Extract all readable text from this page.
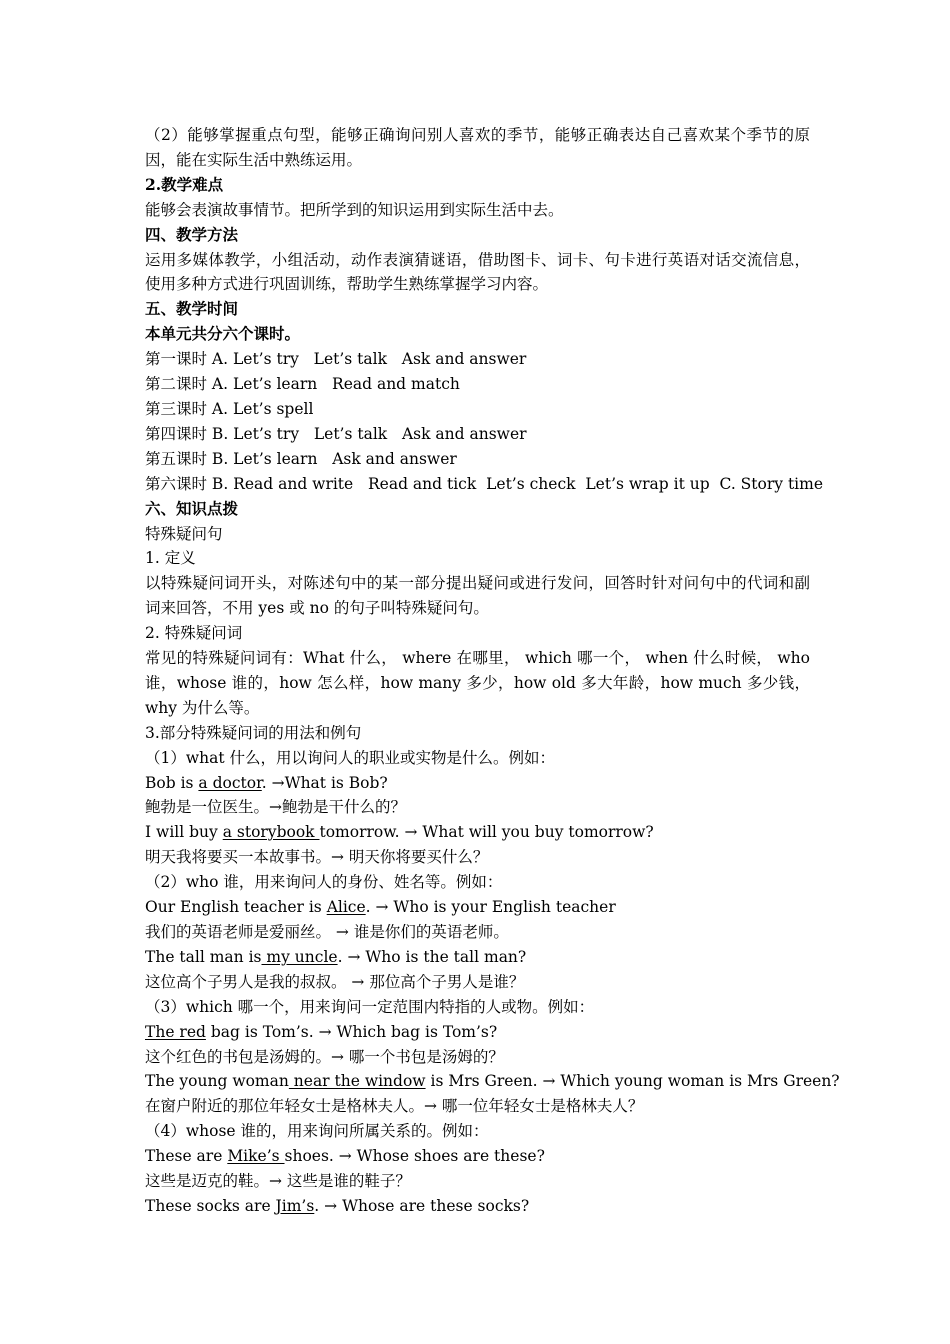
（2）能够掌握重点句型，能够正确询问别人喜欢的季节，能够正确表达自己喜欢某个季节的原因，能在实际生活中熟练运用。
2.教学难点
能够会表演故事情节。把所学到的知识运用到实际生活中去。
四、教学方法
运用多媒体教学，小组活动，动作表演猜谜语，借助图卡、词卡、句卡进行英语对话交流信息，使用多种方式进行巩固训练，帮助学生熟练掌握学习内容。
五、教学时间
本单元共分六个课时。
第一课时 A. Let’s try   Let’s talk   Ask and answer
第二课时 A. Let’s learn   Read and match
第三课时 A. Let’s spell
第四课时 B. Let’s try   Let’s talk   Ask and answer
第五课时 B. Let’s learn   Ask and answer
第六课时 B. Read and write   Read and tick  Let’s check  Let’s wrap it up  C. Story time
六、知识点拨
特殊疑问句
1. 定义
以特殊疑问词开头，对陈述句中的某一部分提出疑问或进行发问，回答时针对问句中的代词和副词来回答，不用 yes 或 no 的句子叫特殊疑问句。
2. 特殊疑问词
常见的特殊疑问词有：What 什么， where 在哪里， which 哪一个， when 什么时候， who 谁，whose 谁的，how 怎么样，how many 多少，how old 多大年龄，how much 多少钱，why 为什么等。
3.部分特殊疑问词的用法和例句
（1）what 什么，用以询问人的职业或实物是什么。例如：
Bob is a doctor. →What is Bob?
鲍勃是一位医生。→鲍勃是干什么的？
I will buy a storybook tomorrow. → What will you buy tomorrow?
明天我将要买一本故事书。→ 明天你将要买什么？
（2）who 谁，用来询问人的身份、姓名等。例如：
Our English teacher is Alice. → Who is your English teacher
我们的英语老师是爱丽丝。 → 谁是你们的英语老师。
The tall man is my uncle. → Who is the tall man?
这位高个子男人是我的叔叔。 → 那位高个子男人是谁？
（3）which 哪一个，用来询问一定范围内特指的人或物。例如：
The red bag is Tom’s. → Which bag is Tom’s?
这个红色的书包是汤姆的。→ 哪一个书包是汤姆的？
The young woman near the window is Mrs Green. → Which young woman is Mrs Green?
在窗户附近的那位年轻女士是格林夫人。→ 哪一位年轻女士是格林夫人？
（4）whose 谁的，用来询问所属关系的。例如：
These are Mike’s shoes. → Whose shoes are these?
这些是迈克的鞋。→ 这些是谁的鞋子？
These socks are Jim’s. → Whose are these socks?
